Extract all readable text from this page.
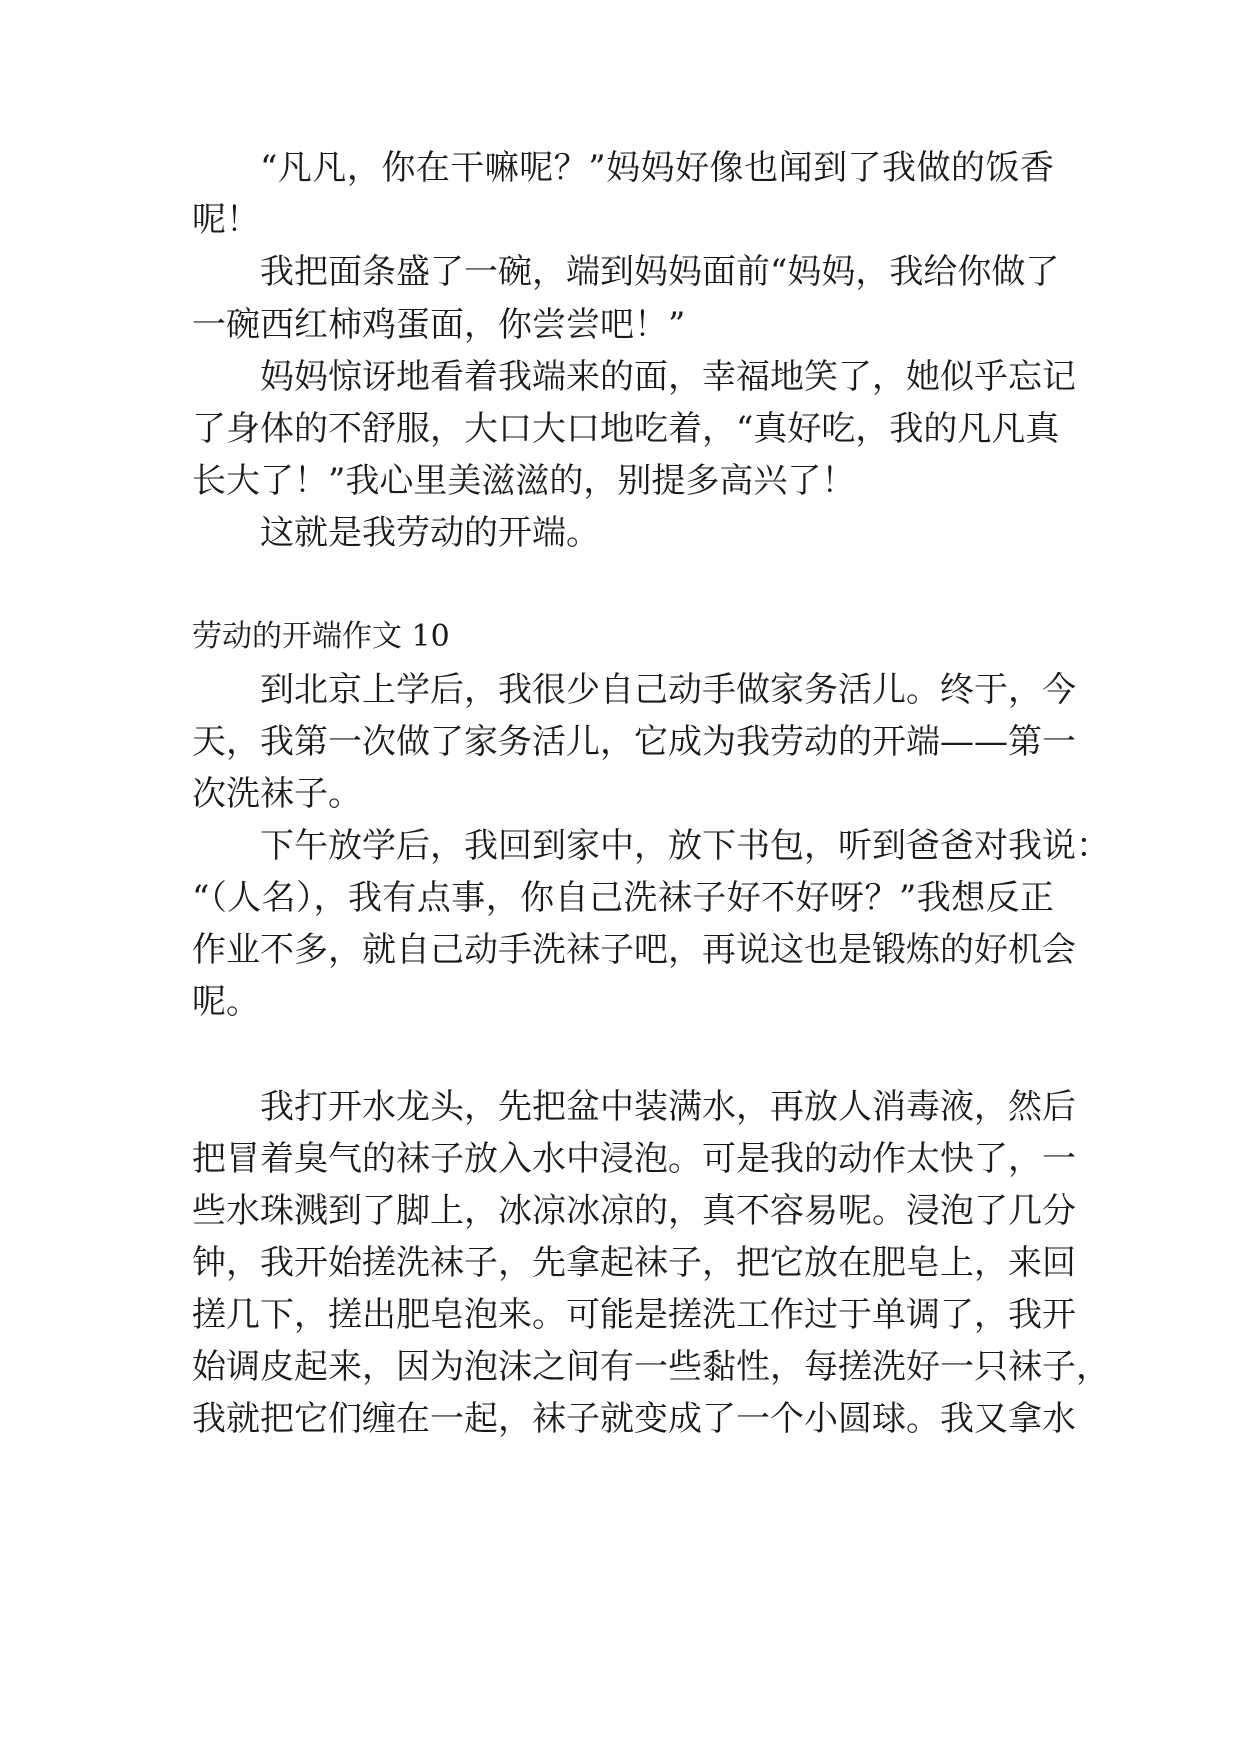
“凡凡，你在干嘛呢？”妈妈好像也闻到了我做的饭香
呢！
我把面条盛了一碗，端到妈妈面前“妈妈，我给你做了
一碗西红柿鸡蛋面，你尝尝吧！”
妈妈惊讶地看着我端来的面，幸福地笑了，她似乎忘记
了身体的不舒服，大口大口地吃着，“真好吃，我的凡凡真
长大了！”我心里美滋滋的，别提多高兴了！
这就是我劳动的开端。
劳动的开端作文 10
到北京上学后，我很少自己动手做家务活儿。终于，今
天，我第一次做了家务活儿，它成为我劳动的开端——第一
次洗袜子。
下午放学后，我回到家中，放下书包，听到爸爸对我说：
“（人名），我有点事，你自己洗袜子好不好呀？”我想反正
作业不多，就自己动手洗袜子吧，再说这也是锻炼的好机会
呢。
我打开水龙头，先把盆中装满水，再放人消毒液，然后
把冒着臭气的袜子放入水中浸泡。可是我的动作太快了，一
些水珠溅到了脚上，冰凉冰凉的，真不容易呢。浸泡了几分
钟，我开始搓洗袜子，先拿起袜子，把它放在肥皂上，来回
搓几下，搓出肥皂泡来。可能是搓洗工作过于单调了，我开
始调皮起来，因为泡沫之间有一些黏性，每搓洗好一只袜子，
我就把它们缠在一起，袜子就变成了一个小圆球。我又拿水
